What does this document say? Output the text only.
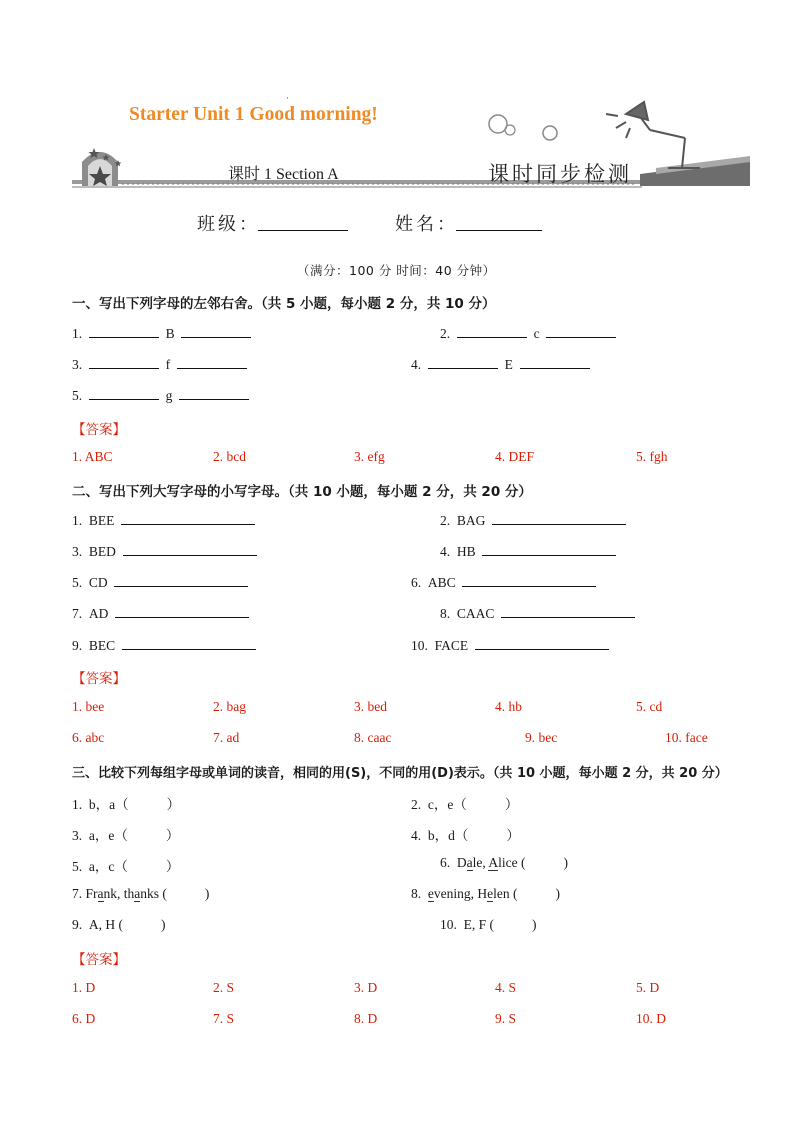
·
Starter Unit 1 Good morning!
课时 1 Section A	课时同步检测
班级：	姓名：
（满分：100 分 时间：40 分钟）
一、写出下列字母的左邻右舍。（共 5 小题，每小题 2 分，共 10 分）
1.	B	2.	c
3.	f	4.	E
5.	g
【答案】
1. ABC	2. bcd	3. efg	4. DEF	5. fgh
二、写出下列大写字母的小写字母。（共 10 小题，每小题 2 分，共 20 分）
1. BEE	2. BAG
3. BED	4. HB
5. CD	6. ABC
7. AD	8. CAAC
9. BEC	10. FACE
【答案】
1. bee	2. bag	3. bed	4. hb	5. cd
6. abc	7. ad	8. caac	9. bec	10. face
三、比较下列每组字母或单词的读音，相同的用(S)，不同的用(D)表示。（共 10 小题，每小题 2 分，共 20 分）
1. b，a（	）	2. c，e（	）
3. a，e（	）	4. b，d（	）
5. a，c（	）	6. Dale, Alice (	)
7. Frank, thanks (	)	8. evening, Helen (	)
9. A, H (	)	10. E, F (	)
【答案】
1. D	2. S	3. D	4. S	5. D
6. D	7. S	8. D	9. S	10. D
